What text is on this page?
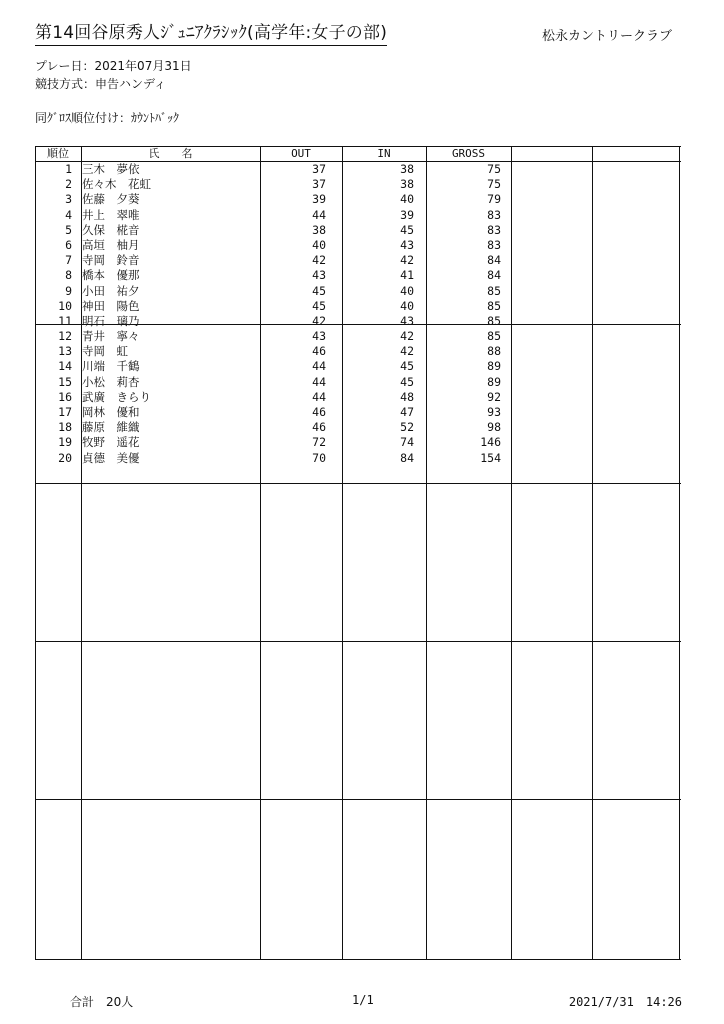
第14回谷原秀人ｼﾞｭﾆｱｸﾗｼｯｸ(高学年:女子の部)	松永カントリークラブ
プレー日：2021年07月31日
競技方式：申告ハンディ
同ｸﾞﾛｽ順位付け：ｶｳﾝﾄﾊﾞｯｸ
順位	氏　　名	OUT	IN	GROSS
1 三木　夢依	37	38	75
2 佐々木　花虹	37	38	75
3 佐藤　夕葵	39	40	79
4 井上　翠唯	44	39	83
5 久保　椛音	38	45	83
6 高垣　柚月	40	43	83
7 寺岡　鈴音	42	42	84
8 橋本　優那	43	41	84
9 小田　祐夕	45	40	85
10 神田　陽色	45	40	85
11 明石　璃乃	42	43	85
12 青井　寧々	43	42	85
13 寺岡　虹	46	42	88
14 川端　千鶴	44	45	89
15 小松　莉杏	44	45	89
16 武廣　きらり	44	48	92
17 岡林　優和	46	47	93
18 藤原　維織	46	52	98
19 牧野　遥花	72	74	146
20 貞德　美優	70	84	154
合計　20人	1/1	2021/7/31　14:26
